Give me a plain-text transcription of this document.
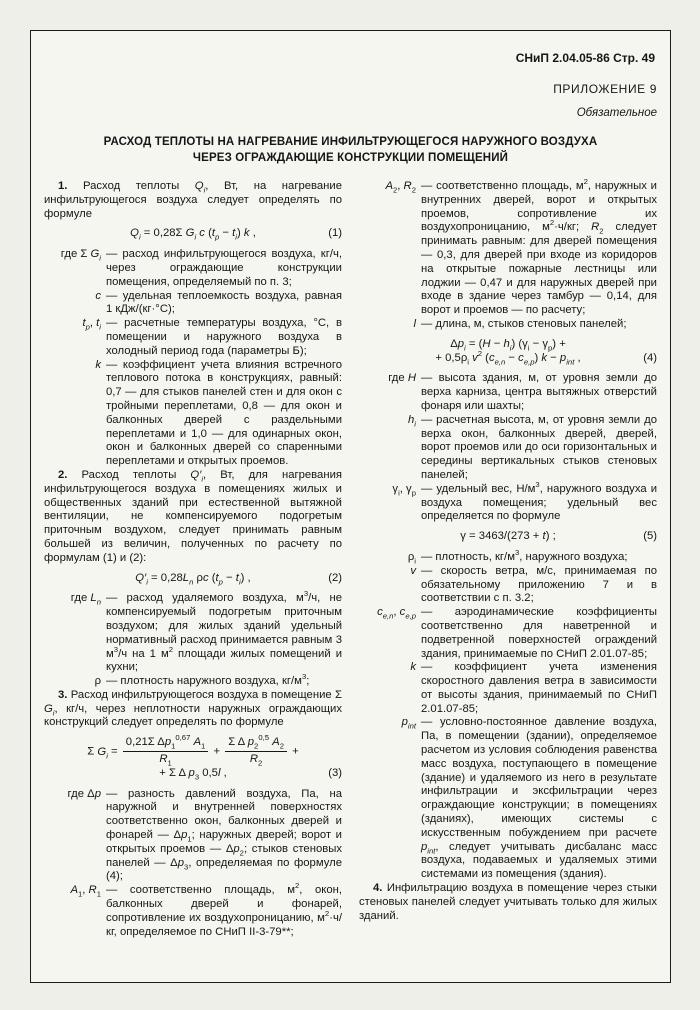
СНиП 2.04.05-86 Стр. 49
ПРИЛОЖЕНИЕ 9
Обязательное
РАСХОД ТЕПЛОТЫ НА НАГРЕВАНИЕ ИНФИЛЬТРУЮЩЕГОСЯ НАРУЖНОГО ВОЗДУХА ЧЕРЕЗ ОГРАЖДАЮЩИЕ КОНСТРУКЦИИ ПОМЕЩЕНИЙ

1. Расход теплоты $Q_i$, Вт, на нагревание инфильтрующегося воздуха следует определять по формуле

$Q_i = 0,28\Sigma$ $G_i$ c $(t_p - t_i)$ k ,	(1)
где Σ $G_i$ — расход инфильтрующегося воздуха, кг/ч, через ограждающие конструкции помещения, определяемый по п. 3;
c — удельная теплоемкость воздуха, равная 1 кДж/(кг·°С);
$t_p$, $t_i$ — расчетные температуры воздуха, °С, в помещении и наружного воздуха в холодный период года (параметры Б);
k — коэффициент учета влияния встречного теплового потока в конструкциях, равный: 0,7 — для стыков панелей стен и для окон с тройными переплетами, 0,8 — для окон и балконных дверей с раздельными переплетами и 1,0 — для одинарных окон, окон и балконных дверей со спаренными переплетами и открытых проемов.

2. Расход теплоты $Q'_i$, Вт, для нагревания инфильтрующегося воздуха в помещениях жилых и общественных зданий при естественной вытяжной вентиляции, не компенсируемого подогретым приточным воздухом, следует принимать равным большей из величин, полученных по расчету по формулам (1) и (2):

$Q'_i = 0,28L_n$ ρc $(t_p - t_i)$ ,	(2)
где $L_n$ — расход удаляемого воздуха, $м^3/ч$, не компенсируемый подогретым приточным воздухом; для жилых зданий удельный нормативный расход принимается равным 3 $м^3/ч$ на 1 $м^2$ площади жилых помещений и кухни;
ρ — плотность наружного воздуха, $кг/м^3$;

3. Расход инфильтрующегося воздуха в помещение Σ $G_i$, кг/ч, через неплотности наружных ограждающих конструкций следует определять по формуле

Σ $G_i = \frac{0,21\Sigma \Delta p_1^{0,67} A_1}{R_1} + \frac{\Sigma \Delta p_2^{0,5} A_2}{R_2}$ +
+ Σ Δ $p_3$ 0,5l ,	(3)
где Δp — разность давлений воздуха, Па, на наружной и внутренней поверхностях соответственно окон, балконных дверей и фонарей — $\Delta p_1$; наружных дверей; ворот и открытых проемов — $\Delta p_2$; стыков стеновых панелей — $\Delta p_3$, определяемая по формуле (4);
$A_1$, $R_1$ — соответственно площадь, $м^2$, окон, балконных дверей и фонарей, сопротивление их воздухопроницанию, $м^2\cdot ч/кг$, определяемое по СНиП II-3-79**;
$A_2$, $R_2$ — соответственно площадь, $м^2$, наружных и внутренних дверей, ворот и открытых проемов, сопротивление их воздухопроницанию, $м^2\cdot ч/кг$; $R_2$ следует принимать равным: для дверей помещения — 0,3, для дверей при входе из коридоров на открытые пожарные лестницы или лоджии — 0,47 и для наружных дверей при входе в здание через тамбур — 0,14, для ворот и проемов — по расчету;
l — длина, м, стыков стеновых панелей;
$\Delta p_i = (H - h_i) (\gamma_i - \gamma_p)$ +
+ $0,5\rho_i$ $v^2$ $(c_{e,n} - c_{e,p}) k - p_{int}$ ,	(4)
где H — высота здания, м, от уровня земли до верха карниза, центра вытяжных отверстий фонаря или шахты;
$h_i$ — расчетная высота, м, от уровня земли до верха окон, балконных дверей, дверей, ворот проемов или до оси горизонтальных и середины вертикальных стыков стеновых панелей;
$\gamma_i$, $\gamma_p$ — удельный вес, $Н/м^3$, наружного воздуха и воздуха помещения; удельный вес определяется по формуле
γ = 3463/(273 + t) ;	(5)
$\rho_i$ — плотность, $кг/м^3$, наружного воздуха;
v — скорость ветра, м/с, принимаемая по обязательному приложению 7 и в соответствии с п. 3.2;
$c_{e,n}$, $c_{e,p}$ — аэродинамические коэффициенты соответственно для наветренной и подветренной поверхностей ограждений здания, принимаемые по СНиП 2.01.07-85;
k — коэффициент учета изменения скоростного давления ветра в зависимости от высоты здания, принимаемый по СНиП 2.01.07-85;
$p_{int}$ — условно-постоянное давление воздуха, Па, в помещении (здании), определяемое расчетом из условия соблюдения равенства масс воздуха, поступающего в помещение (здание) и удаляемого из него в результате инфильтрации и эксфильтрации через ограждающие конструкции; в помещениях (зданиях), имеющих системы с искусственным побуждением при расчете $p_{int}$, следует учитывать дисбаланс масс воздуха, подаваемых и удаляемых этими системами из помещения (здания).

4. Инфильтрацию воздуха в помещение через стыки стеновых панелей следует учитывать только для жилых зданий.
